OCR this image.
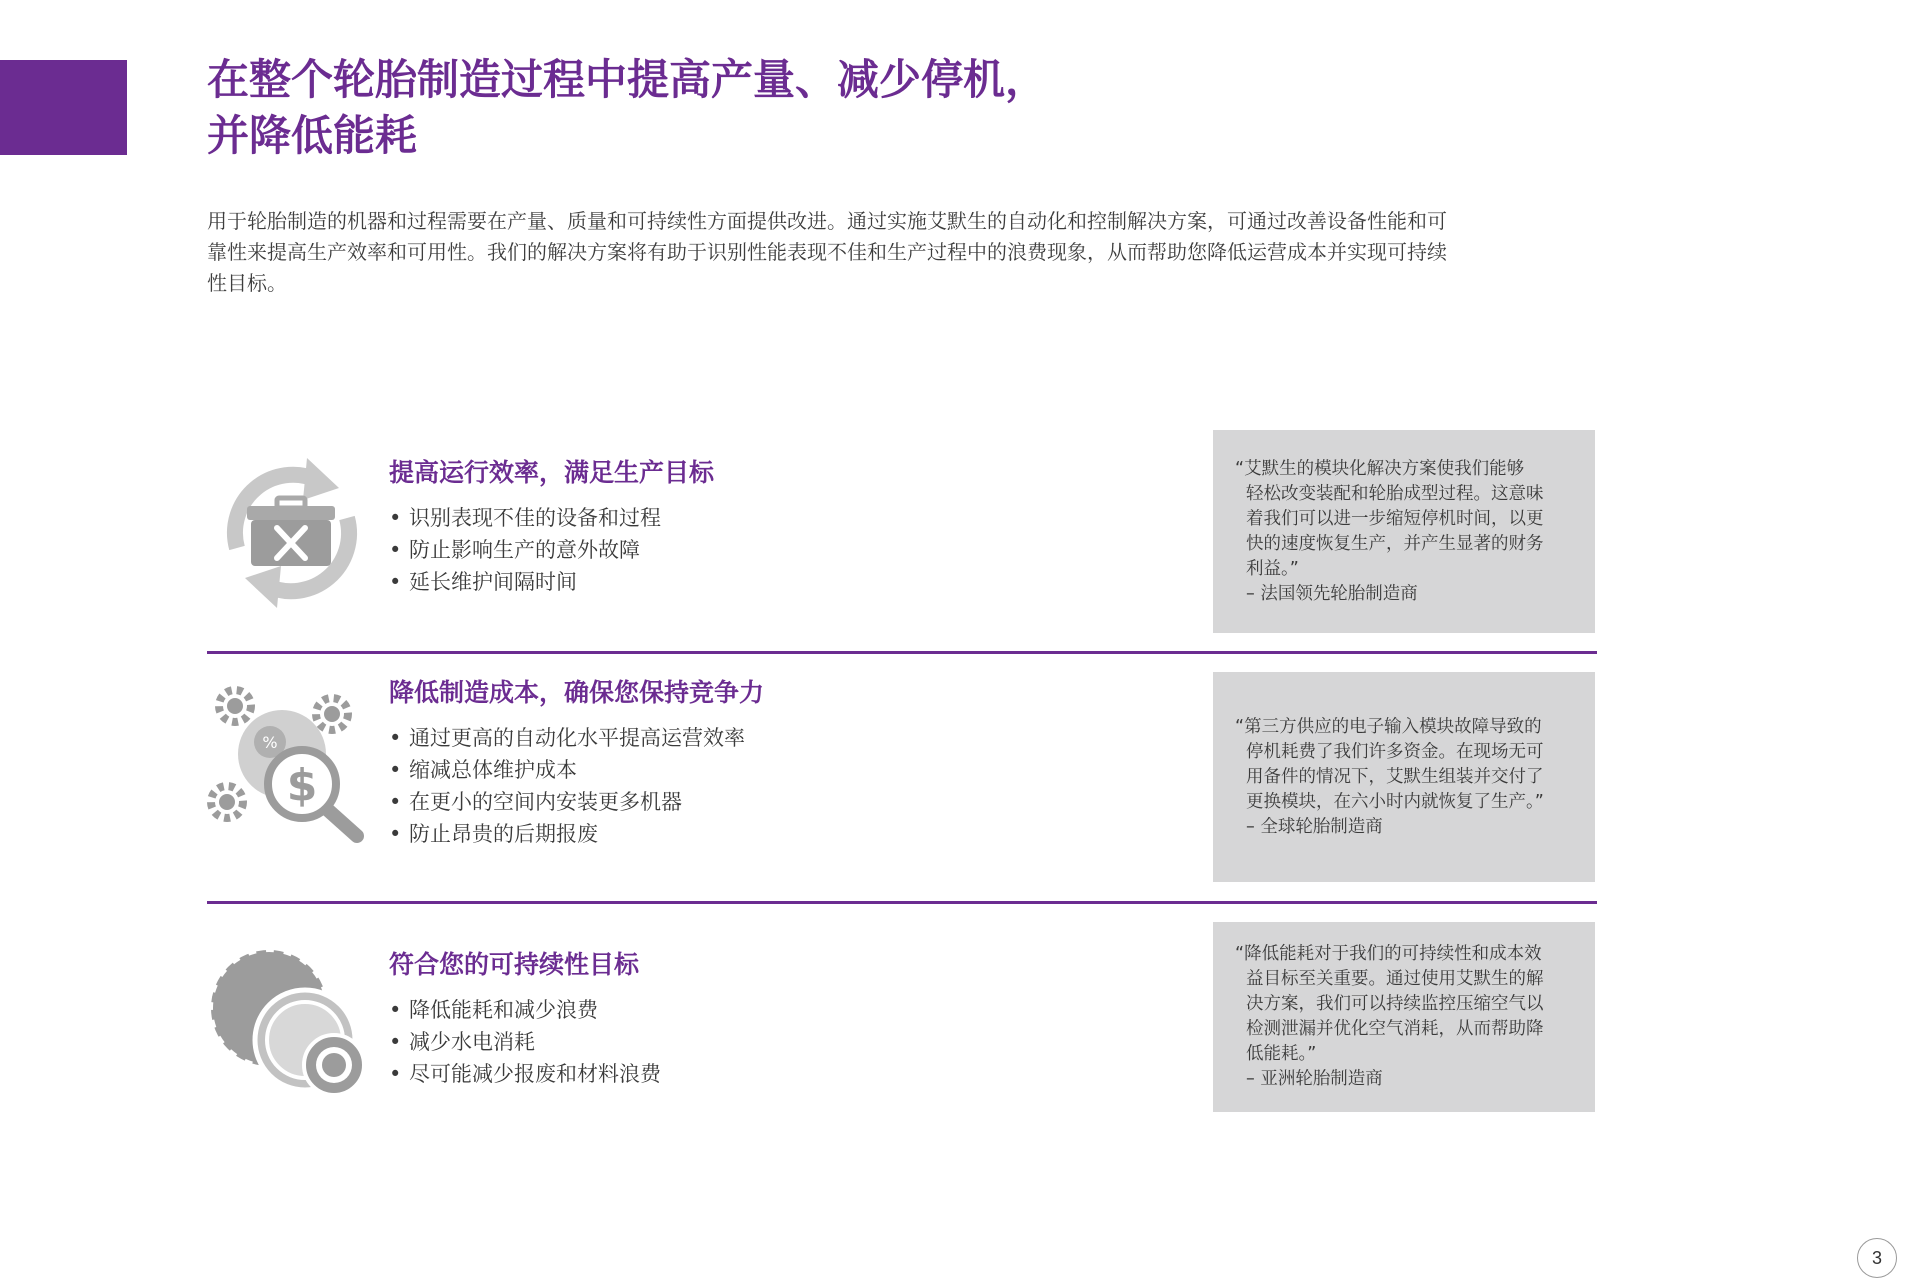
在整个轮胎制造过程中提高产量、减少停机，
并降低能耗
用于轮胎制造的机器和过程需要在产量、质量和可持续性方面提供改进。通过实施艾默生的自动化和控制解决方案，可通过改善设备性能和可
靠性来提高生产效率和可用性。我们的解决方案将有助于识别性能表现不佳和生产过程中的浪费现象，从而帮助您降低运营成本并实现可持续
性目标。
提高运行效率，满足生产目标
• 识别表现不佳的设备和过程
• 防止影响生产的意外故障
• 延长维护间隔时间
“艾默生的模块化解决方案使我们能够
轻松改变装配和轮胎成型过程。这意味
着我们可以进一步缩短停机时间，以更
快的速度恢复生产，并产生显著的财务
利益。”
– 法国领先轮胎制造商
%
$
降低制造成本，确保您保持竞争力
• 通过更高的自动化水平提高运营效率
• 缩减总体维护成本
• 在更小的空间内安装更多机器
• 防止昂贵的后期报废
“第三方供应的电子输入模块故障导致的
停机耗费了我们许多资金。在现场无可
用备件的情况下，艾默生组装并交付了
更换模块，在六小时内就恢复了生产。”
– 全球轮胎制造商
符合您的可持续性目标
• 降低能耗和减少浪费
• 减少水电消耗
• 尽可能减少报废和材料浪费
“降低能耗对于我们的可持续性和成本效
益目标至关重要。通过使用艾默生的解
决方案，我们可以持续监控压缩空气以
检测泄漏并优化空气消耗，从而帮助降
低能耗。”
– 亚洲轮胎制造商
3
